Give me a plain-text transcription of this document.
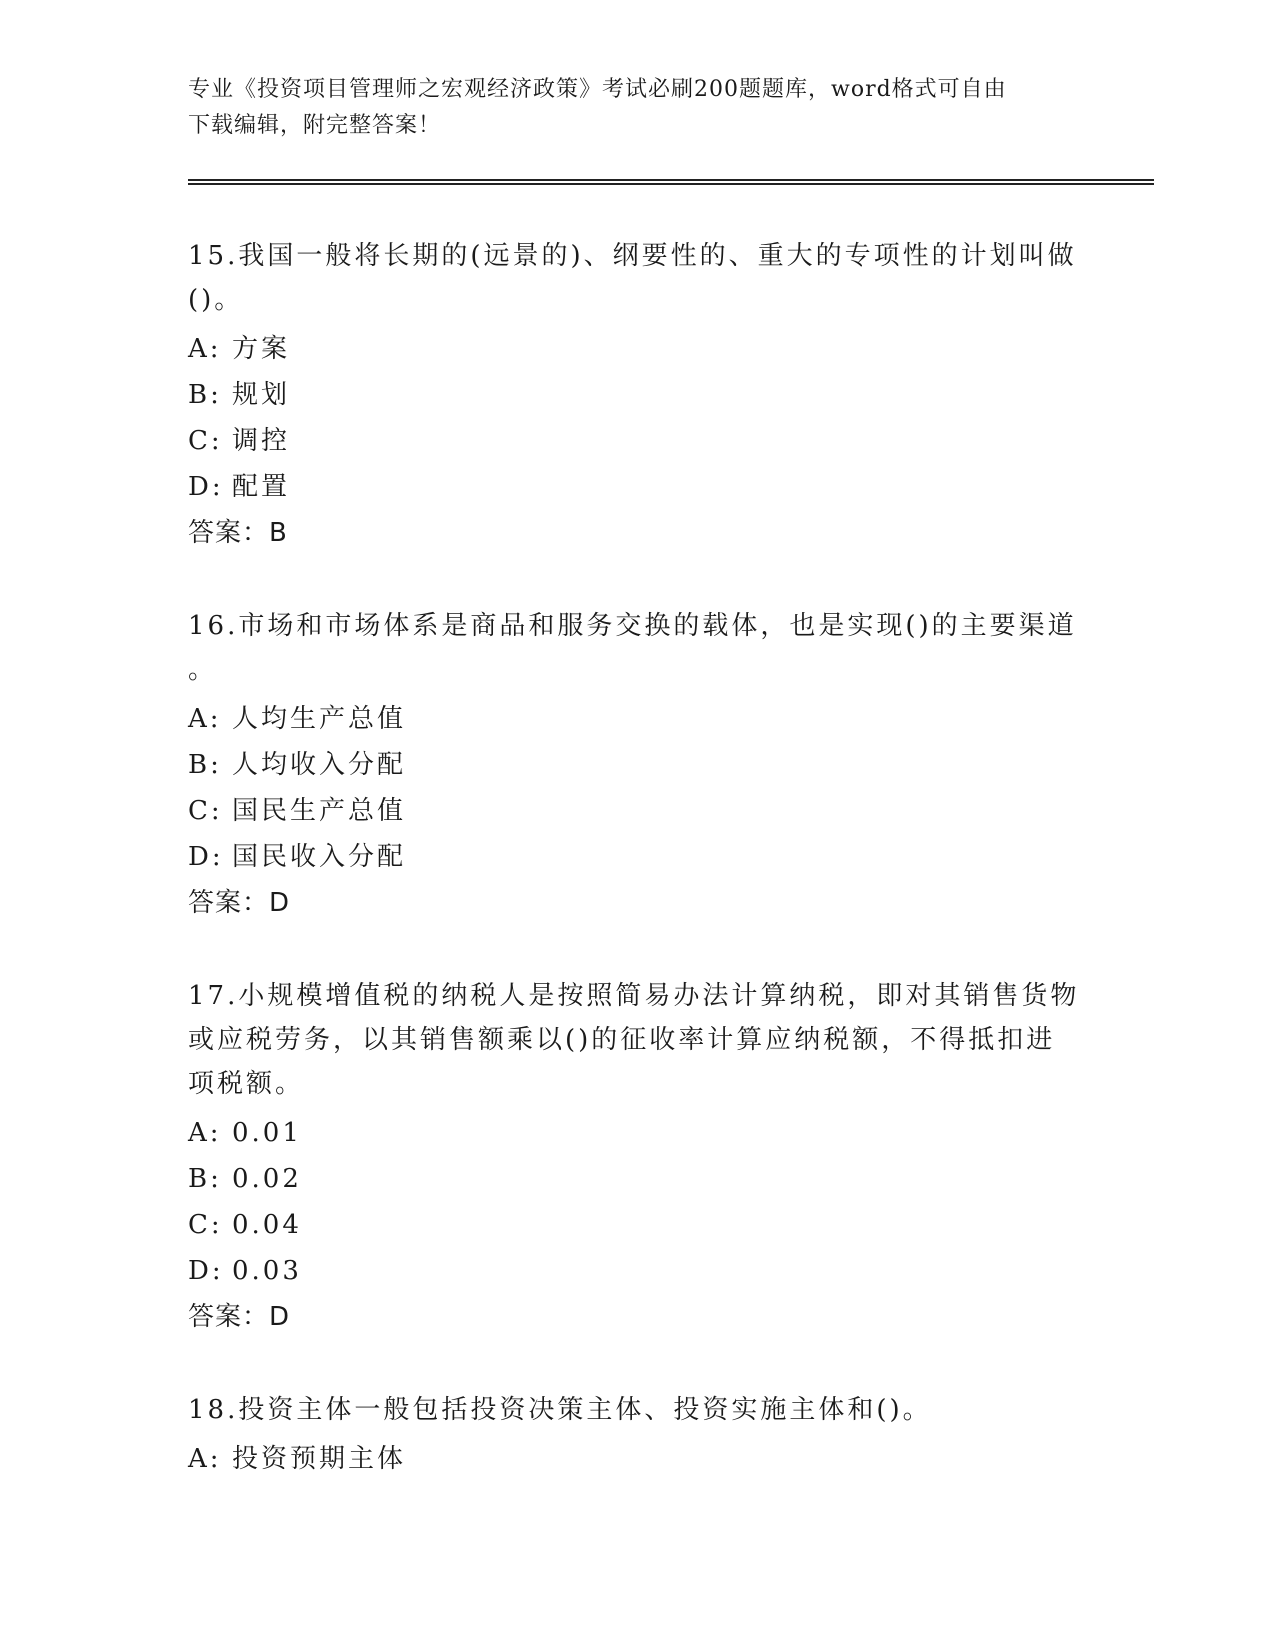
专业《投资项目管理师之宏观经济政策》考试必刷200题题库，word格式可自由
下载编辑，附完整答案！
15.我国一般将长期的(远景的)、纲要性的、重大的专项性的计划叫做
()。
A: 方案
B: 规划
C: 调控
D: 配置
答案：B
16.市场和市场体系是商品和服务交换的载体，也是实现()的主要渠道
。
A: 人均生产总值
B: 人均收入分配
C: 国民生产总值
D: 国民收入分配
答案：D
17.小规模增值税的纳税人是按照简易办法计算纳税，即对其销售货物
或应税劳务，以其销售额乘以()的征收率计算应纳税额，不得抵扣进
项税额。
A: 0.01
B: 0.02
C: 0.04
D: 0.03
答案：D
18.投资主体一般包括投资决策主体、投资实施主体和()。
A: 投资预期主体
